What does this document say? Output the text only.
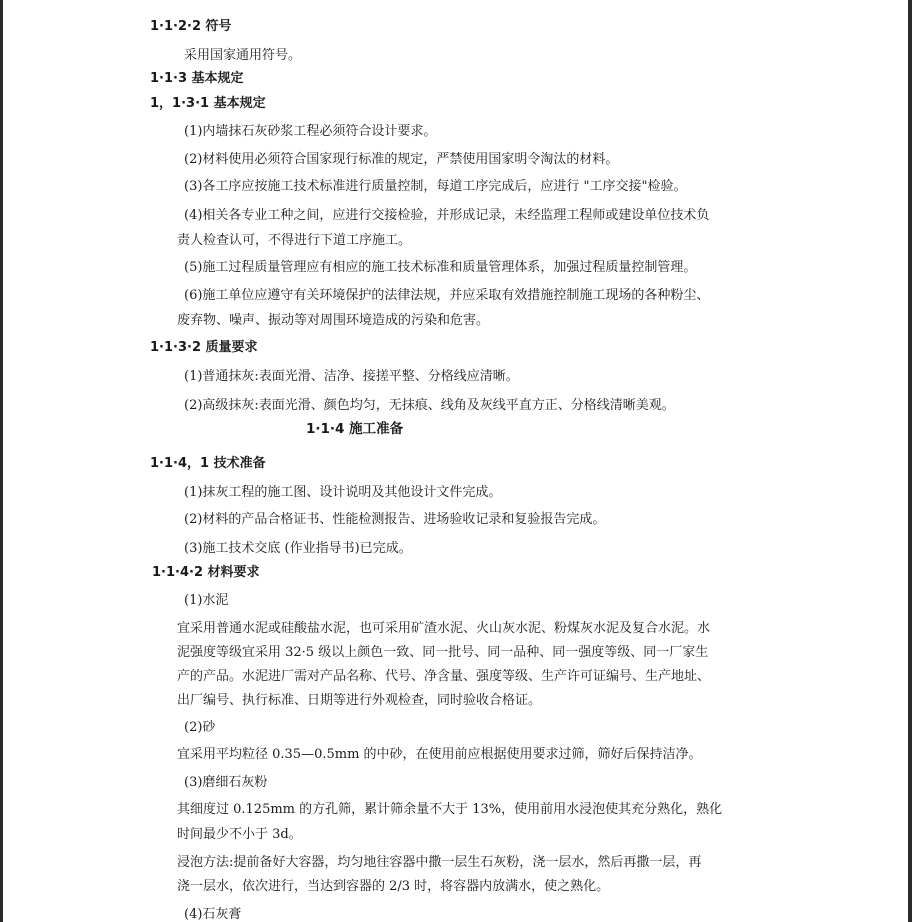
1·1·2·2 符号
采用国家通用符号。
1·1·3 基本规定
1，1·3·1 基本规定
(1)内墙抹石灰砂浆工程必须符合设计要求。
(2)材料使用必须符合国家现行标准的规定，严禁使用国家明令淘汰的材料。
(3)各工序应按施工技术标准进行质量控制，每道工序完成后，应进行 "工序交接"检验。
(4)相关各专业工种之间，应进行交接检验，并形成记录，未经监理工程师或建设单位技术负
责人检查认可，不得进行下道工序施工。
(5)施工过程质量管理应有相应的施工技术标准和质量管理体系，加强过程质量控制管理。
(6)施工单位应遵守有关环境保护的法律法规，并应采取有效措施控制施工现场的各种粉尘、
废弃物、噪声、振动等对周围环境造成的污染和危害。
1·1·3·2 质量要求
(1)普通抹灰:表面光滑、洁净、接搓平整、分格线应清晰。
(2)高级抹灰:表面光滑、颜色均匀，无抹痕、线角及灰线平直方正、分格线清晰美观。
1·1·4 施工准备
1·1·4，1 技术准备
(1)抹灰工程的施工图、设计说明及其他设计文件完成。
(2)材料的产品合格证书、性能检测报告、进场验收记录和复验报告完成。
(3)施工技术交底 (作业指导书)已完成。
1·1·4·2 材料要求
(1)水泥
宜采用普通水泥或硅酸盐水泥，也可采用矿渣水泥、火山灰水泥、粉煤灰水泥及复合水泥。水
泥强度等级宜采用 32·5 级以上颜色一致、同一批号、同一品种、同一强度等级、同一厂家生
产的产品。水泥进厂需对产品名称、代号、净含量、强度等级、生产许可证编号、生产地址、
出厂编号、执行标准、日期等进行外观检查，同时验收合格证。
(2)砂
宜采用平均粒径 0.35—0.5mm 的中砂，在使用前应根据使用要求过筛，筛好后保持洁净。
(3)磨细石灰粉
其细度过 0.125mm 的方孔筛，累计筛余量不大于 13%，使用前用水浸泡使其充分熟化，熟化
时间最少不小于 3d。
浸泡方法:提前备好大容器，均匀地往容器中撒一层生石灰粉，浇一层水，然后再撒一层，再
浇一层水，依次进行，当达到容器的 2/3 时，将容器内放满水，使之熟化。
(4)石灰膏
